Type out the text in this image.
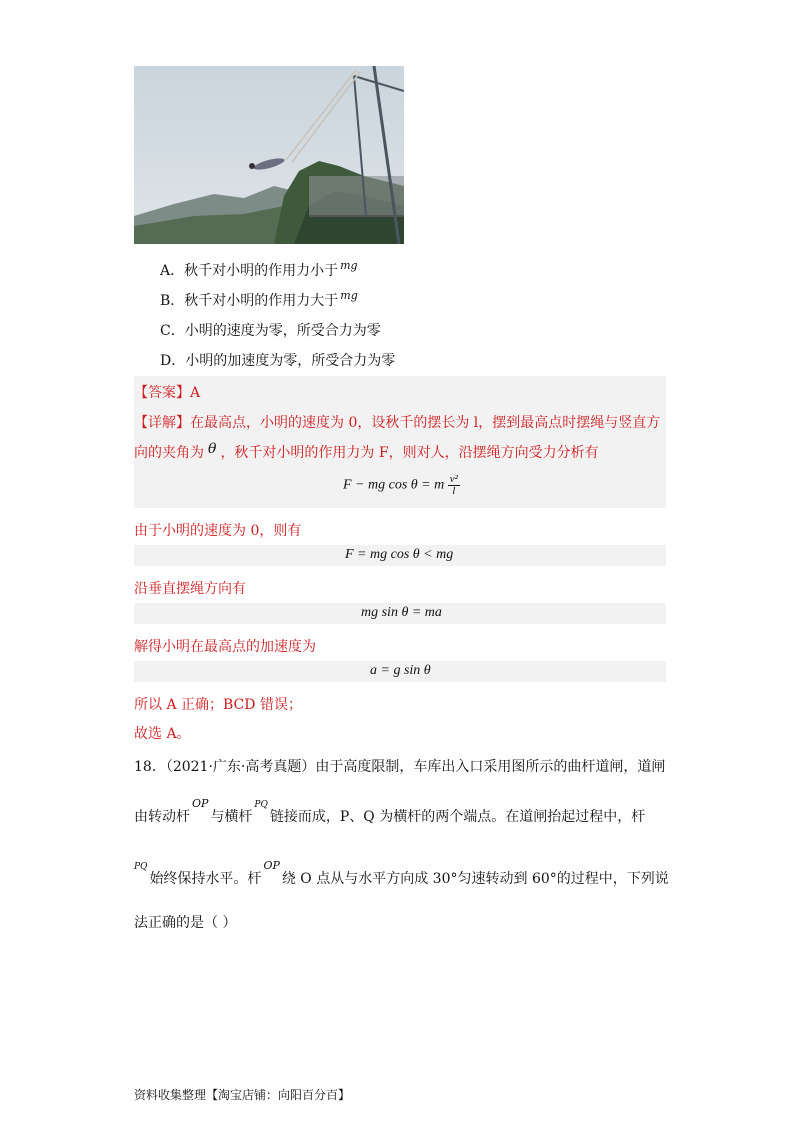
A．秋千对小明的作用力小于 $^{mg}$
B．秋千对小明的作用力大于 $^{mg}$
C．小明的速度为零，所受合力为零
D．小明的加速度为零，所受合力为零
【答案】A
【详解】在最高点，小明的速度为 0，设秋千的摆长为 l，摆到最高点时摆绳与竖直方
向的夹角为 θ ，秋千对小明的作用力为 F，则对人，沿摆绳方向受力分析有
F − mg cos θ = m $\frac{\text{v²}}{l}$
由于小明的速度为 0，则有
F = mg cos θ < mg
沿垂直摆绳方向有
mg sin θ = ma
解得小明在最高点的加速度为
a = g sin θ
所以 A 正确；BCD 错误；
故选 A。
18．（2021·广东·高考真题）由于高度限制，车库出入口采用图所示的曲杆道闸，道闸
由转动杆$^{OP}$与横杆$^{PQ}$链接而成，P、Q 为横杆的两个端点。在道闸抬起过程中，杆
$^{PQ}$始终保持水平。杆$^{OP}$绕 O 点从与水平方向成 30°匀速转动到 60°的过程中，下列说
法正确的是（ ）
资料收集整理【淘宝店铺：向阳百分百】
